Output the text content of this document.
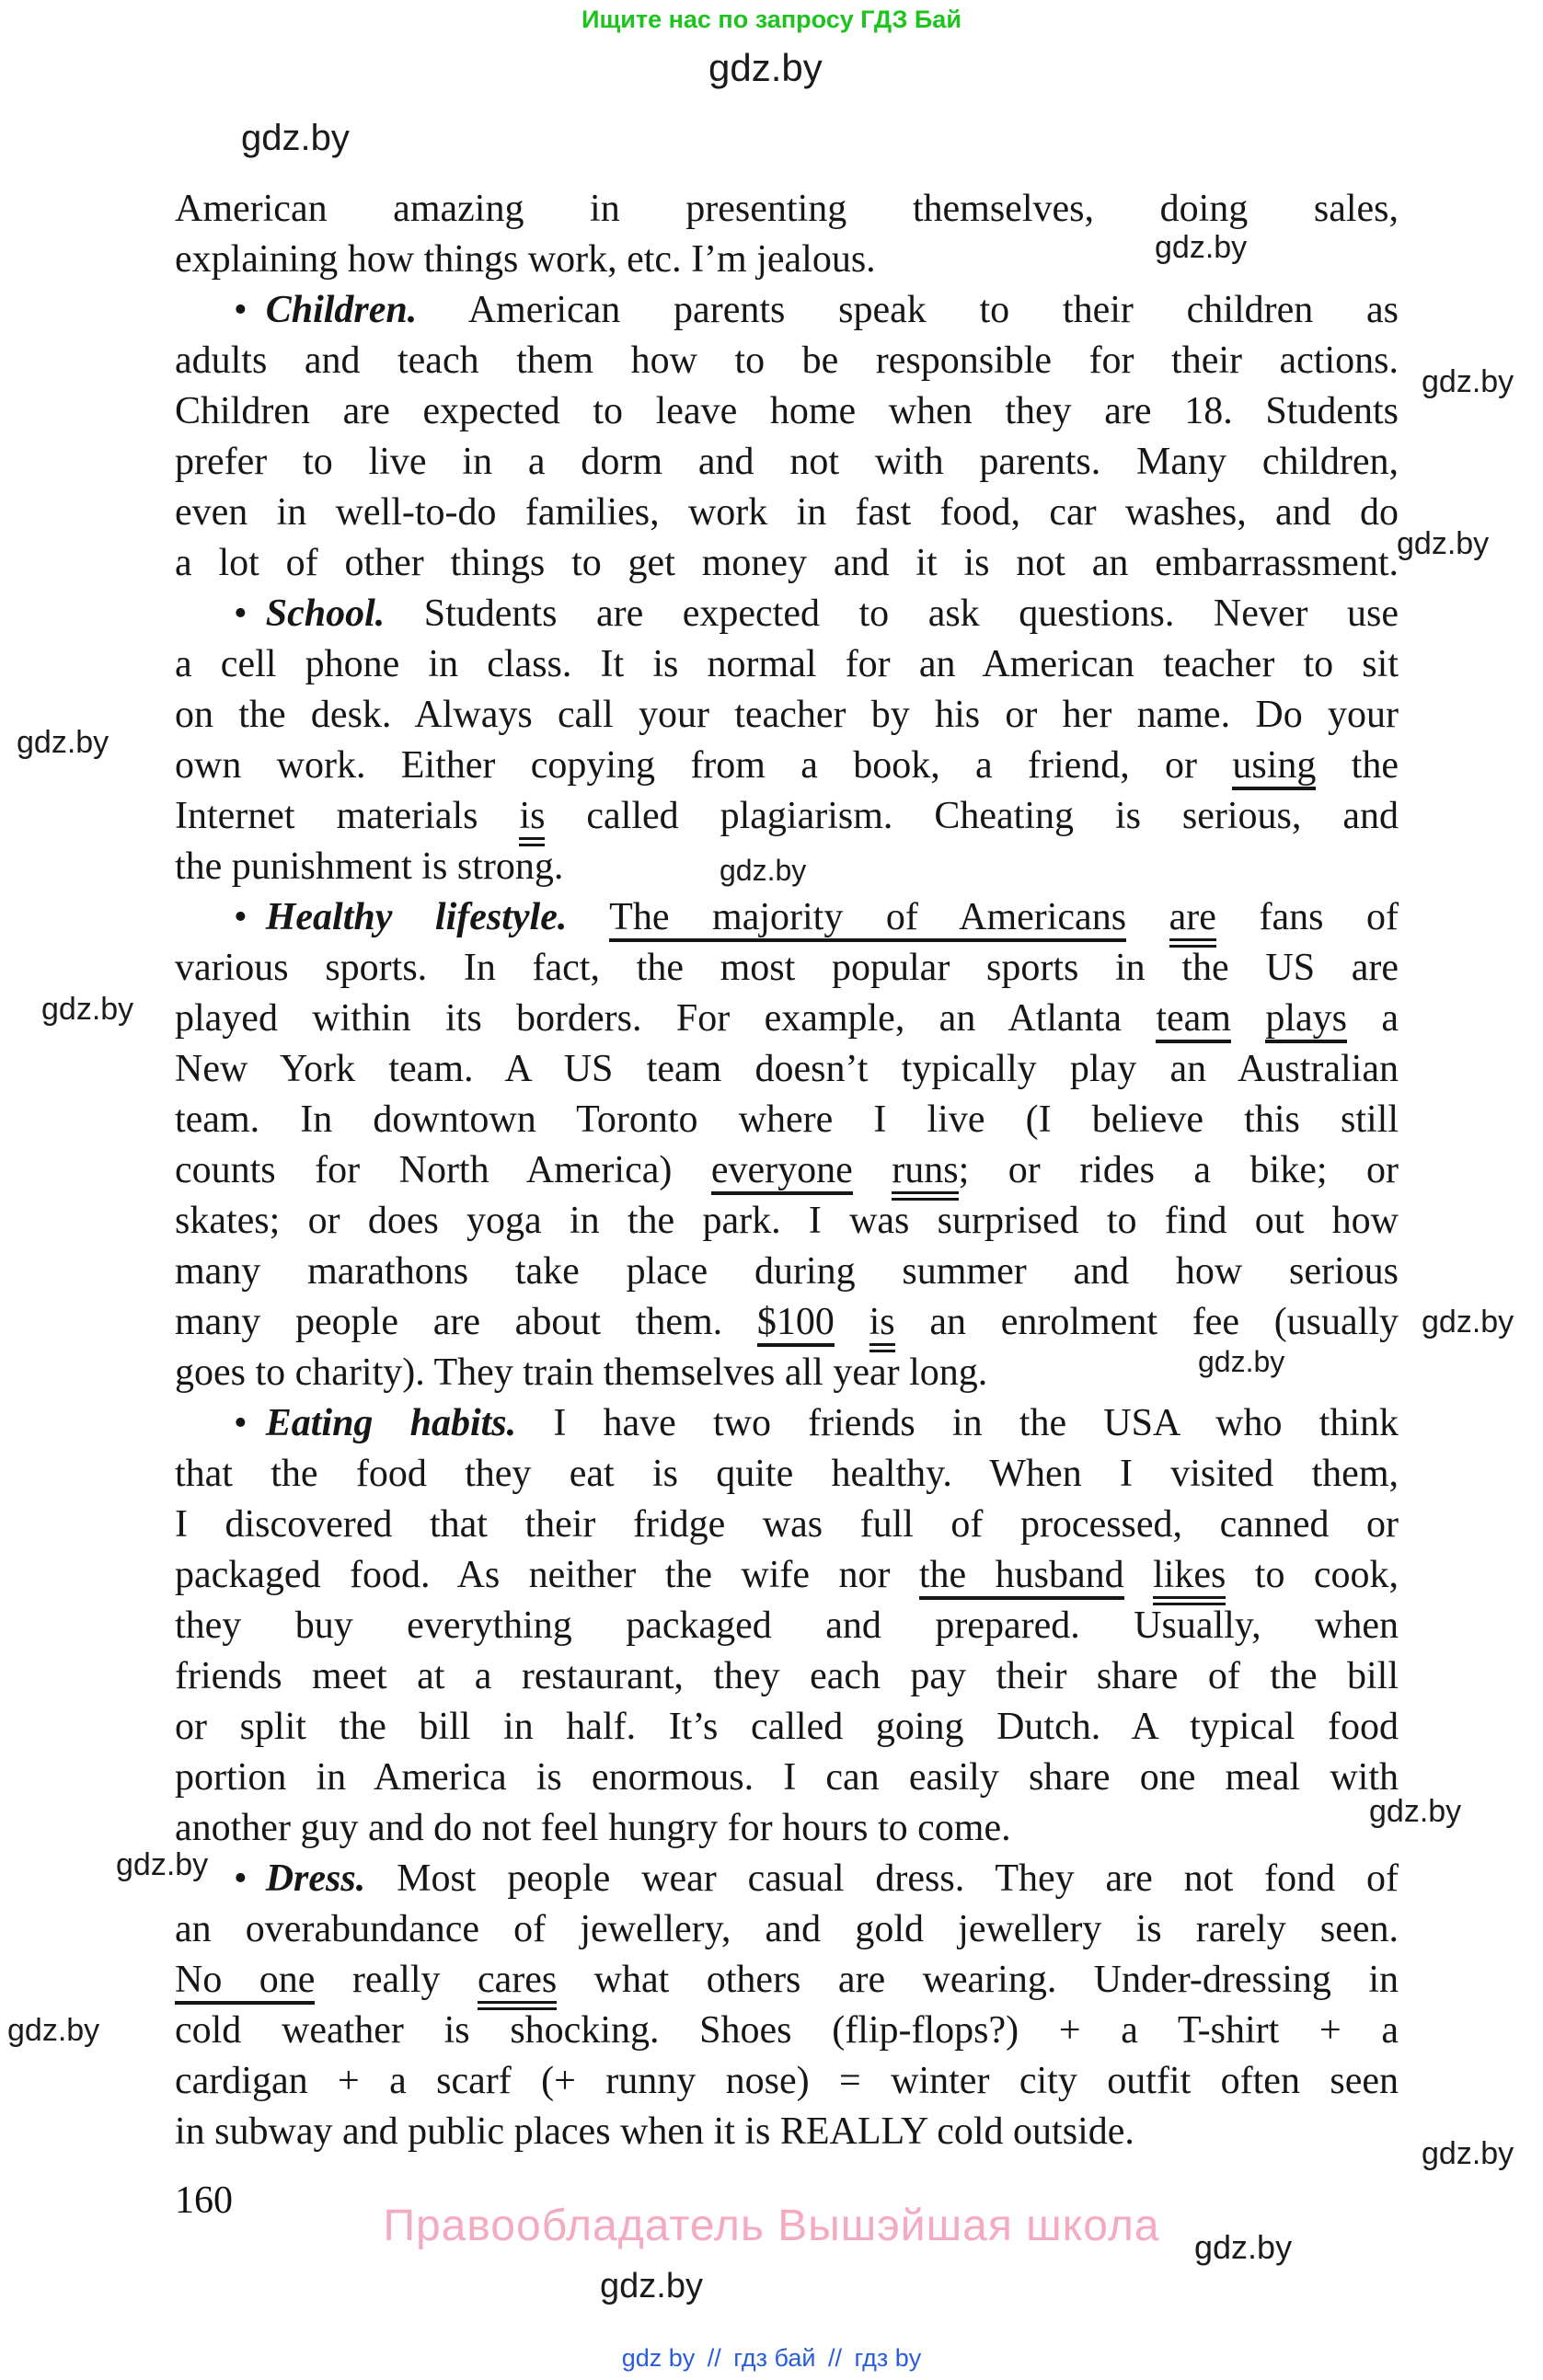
Ищите нас по запросу ГДЗ Бай
gdz.by
gdz.by
gdz.by
gdz.by
gdz.by
gdz.by
gdz.by
gdz.by
gdz.by
gdz.by
gdz.by
gdz.by
gdz.by
gdz.by
gdz.by
gdz.by
American amazing in presenting themselves, doing sales,
explaining how things work, etc. I’m jealous.
• Children. American parents speak to their children as
adults and teach them how to be responsible for their actions.
Children are expected to leave home when they are 18. Students
prefer to live in a dorm and not with parents. Many children,
even in well-to-do families, work in fast food, car washes, and do
a lot of other things to get money and it is not an embarrassment.
• School. Students are expected to ask questions. Never use
a cell phone in class. It is normal for an American teacher to sit
on the desk. Always call your teacher by his or her name. Do your
own work. Either copying from a book, a friend, or using the
Internet materials is called plagiarism. Cheating is serious, and
the punishment is strong.
• Healthy lifestyle. The majority of Americans are fans of
various sports. In fact, the most popular sports in the US are
played within its borders. For example, an Atlanta team plays a
New York team. A US team doesn’t typically play an Australian
team. In downtown Toronto where I live (I believe this still
counts for North America) everyone runs; or rides a bike; or
skates; or does yoga in the park. I was surprised to find out how
many marathons take place during summer and how serious
many people are about them. $100 is an enrolment fee (usually
goes to charity). They train themselves all year long.
• Eating habits. I have two friends in the USA who think
that the food they eat is quite healthy. When I visited them,
I discovered that their fridge was full of processed, canned or
packaged food. As neither the wife nor the husband likes to cook,
they buy everything packaged and prepared. Usually, when
friends meet at a restaurant, they each pay their share of the bill
or split the bill in half. It’s called going Dutch. A typical food
portion in America is enormous. I can easily share one meal with
another guy and do not feel hungry for hours to come.
• Dress. Most people wear casual dress. They are not fond of
an overabundance of jewellery, and gold jewellery is rarely seen.
No one really cares what others are wearing. Under-dressing in
cold weather is shocking. Shoes (flip-flops?) + a T-shirt + a
cardigan + a scarf (+ runny nose) = winter city outfit often seen
in subway and public places when it is REALLY cold outside.
160
Правообладатель Вышэйшая школа
gdz by // гдз бай // гдз by
